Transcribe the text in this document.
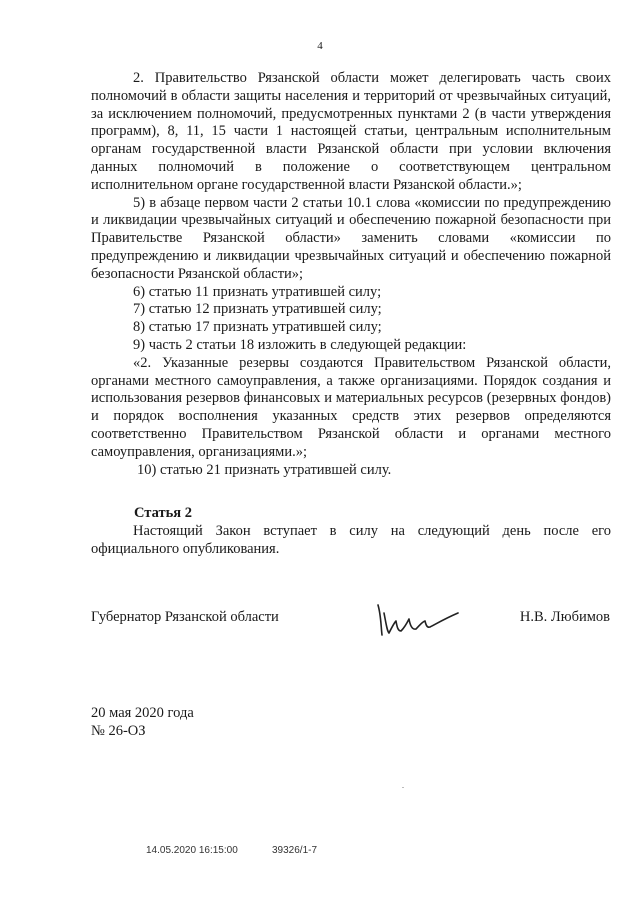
4

2. Правительство Рязанской области может делегировать часть своих полномочий в области защиты населения и территорий от чрезвычайных ситуаций, за исключением полномочий, предусмотренных пунктами 2 (в части утверждения программ), 8, 11, 15 части 1 настоящей статьи, центральным исполнительным органам государственной власти Рязанской области при условии включения данных полномочий в положение о соответствующем центральном исполнительном органе государственной власти Рязанской области.»;

5) в абзаце первом части 2 статьи 10.1 слова «комиссии по предупреждению и ликвидации чрезвычайных ситуаций и обеспечению пожарной безопасности при Правительстве Рязанской области» заменить словами «комиссии по предупреждению и ликвидации чрезвычайных ситуаций и обеспечению пожарной безопасности Рязанской области»;

6) статью 11 признать утратившей силу;

7) статью 12 признать утратившей силу;

8) статью 17 признать утратившей силу;

9) часть 2 статьи 18 изложить в следующей редакции:

«2. Указанные резервы создаются Правительством Рязанской области, органами местного самоуправления, а также организациями. Порядок создания и использования резервов финансовых и материальных ресурсов (резервных фондов) и порядок восполнения указанных средств этих резервов определяются соответственно Правительством Рязанской области и органами местного самоуправления, организациями.»;

10) статью 21 признать утратившей силу.

Статья 2
Настоящий Закон вступает в силу на следующий день после его официального опубликования.
Губернатор Рязанской области	Н.В. Любимов
20 мая 2020 года
№ 26-ОЗ
14.05.2020 16:15:00	39326/1-7
